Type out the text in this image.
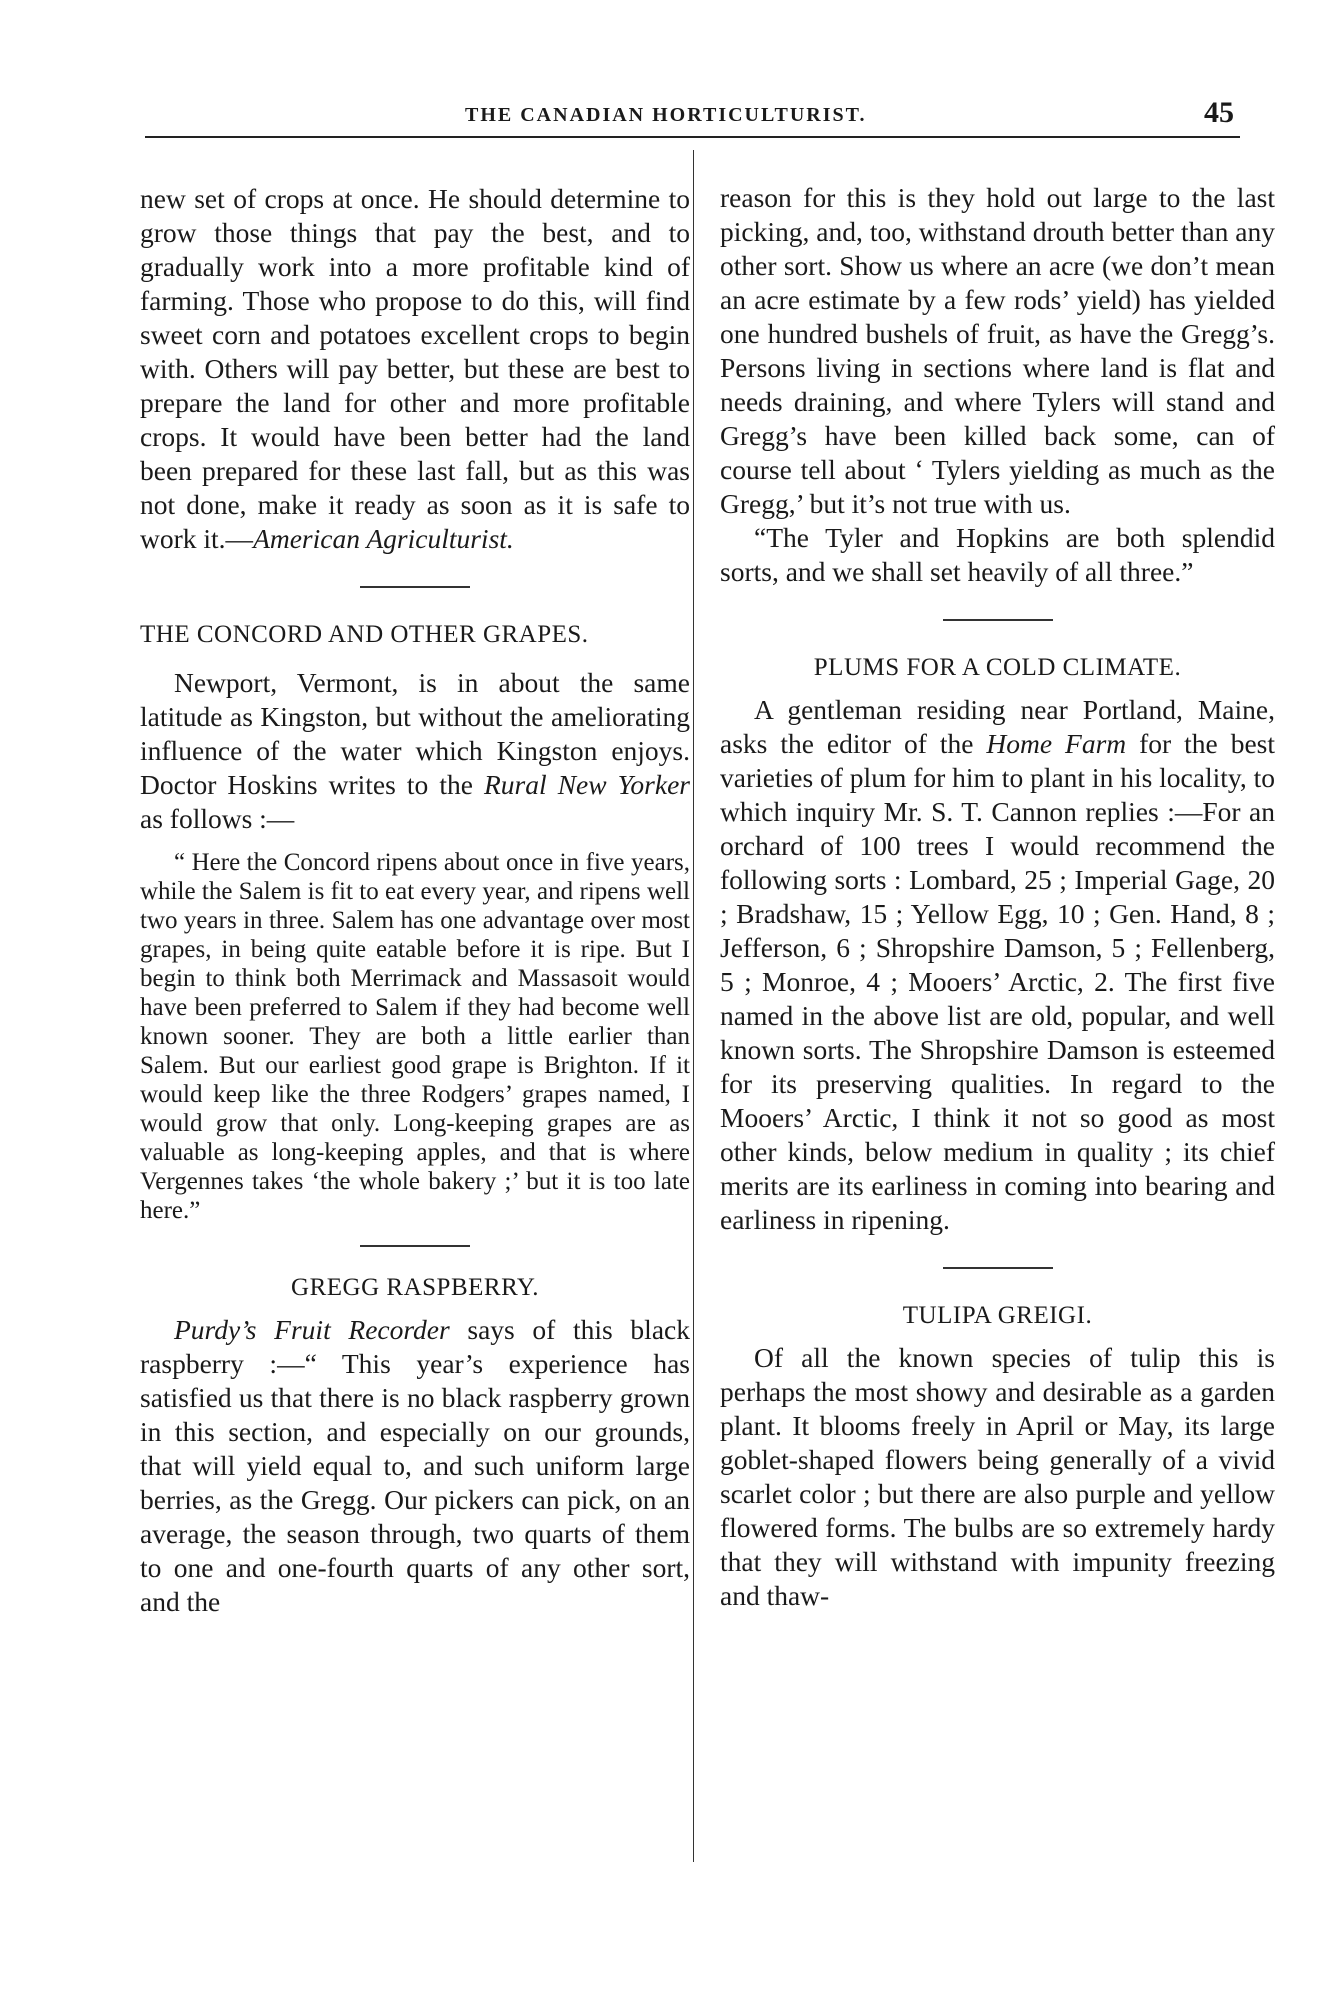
THE CANADIAN HORTICULTURIST.	45

new set of crops at once. He should determine to grow those things that pay the best, and to gradually work into a more profitable kind of farming. Those who propose to do this, will find sweet corn and potatoes excellent crops to begin with. Others will pay better, but these are best to prepare the land for other and more profitable crops. It would have been better had the land been prepared for these last fall, but as this was not done, make it ready as soon as it is safe to work it.—American Agriculturist.

THE CONCORD AND OTHER GRAPES.

Newport, Vermont, is in about the same latitude as Kingston, but without the ameliorating influence of the water which Kingston enjoys. Doctor Hoskins writes to the Rural New Yorker as follows :—

“ Here the Concord ripens about once in five years, while the Salem is fit to eat every year, and ripens well two years in three. Salem has one advantage over most grapes, in being quite eatable before it is ripe. But I begin to think both Merrimack and Massasoit would have been preferred to Salem if they had become well known sooner. They are both a little earlier than Salem. But our earliest good grape is Brighton. If it would keep like the three Rodgers’ grapes named, I would grow that only. Long-keeping grapes are as valuable as long-keeping apples, and that is where Vergennes takes ‘the whole bakery ;’ but it is too late here.”

GREGG RASPBERRY.

Purdy’s Fruit Recorder says of this black raspberry :—“ This year’s experience has satisfied us that there is no black raspberry grown in this section, and especially on our grounds, that will yield equal to, and such uniform large berries, as the Gregg. Our pickers can pick, on an average, the season through, two quarts of them to one and one-fourth quarts of any other sort, and the

reason for this is they hold out large to the last picking, and, too, withstand drouth better than any other sort. Show us where an acre (we don’t mean an acre estimate by a few rods’ yield) has yielded one hundred bushels of fruit, as have the Gregg’s. Persons living in sections where land is flat and needs draining, and where Tylers will stand and Gregg’s have been killed back some, can of course tell about ‘ Tylers yielding as much as the Gregg,’ but it’s not true with us.

“The Tyler and Hopkins are both splendid sorts, and we shall set heavily of all three.”

PLUMS FOR A COLD CLIMATE.

A gentleman residing near Portland, Maine, asks the editor of the Home Farm for the best varieties of plum for him to plant in his locality, to which inquiry Mr. S. T. Cannon replies :—For an orchard of 100 trees I would recommend the following sorts : Lombard, 25 ; Imperial Gage, 20 ; Bradshaw, 15 ; Yellow Egg, 10 ; Gen. Hand, 8 ; Jefferson, 6 ; Shropshire Damson, 5 ; Fellenberg, 5 ; Monroe, 4 ; Mooers’ Arctic, 2. The first five named in the above list are old, popular, and well known sorts. The Shropshire Damson is esteemed for its preserving qualities. In regard to the Mooers’ Arctic, I think it not so good as most other kinds, below medium in quality ; its chief merits are its earliness in coming into bearing and earliness in ripening.

TULIPA GREIGI.

Of all the known species of tulip this is perhaps the most showy and desirable as a garden plant. It blooms freely in April or May, its large goblet-shaped flowers being generally of a vivid scarlet color ; but there are also purple and yellow flowered forms. The bulbs are so extremely hardy that they will withstand with impunity freezing and thaw-
